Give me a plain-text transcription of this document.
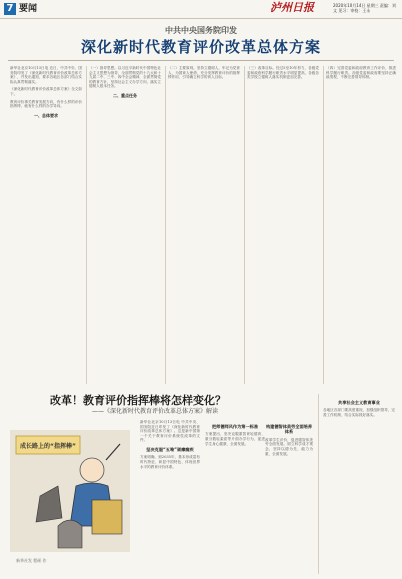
7 要闻	泸州日报	2020年10月14日 星期三 责编：刘文 见习：审校：王永
中共中央国务院印发
深化新时代教育评价改革总体方案

新华社北京10月13日电 近日，中共中央、国务院印发了《深化新时代教育评价改革总体方案》，并发出通知，要求各地区各部门结合实际认真贯彻落实。

《深化新时代教育评价改革总体方案》全文如下。

教育评价事关教育发展方向，有什么样的评价指挥棒，就有什么样的办学导向。

一、总体要求

（一）指导思想。以习近平新时代中国特色社会主义思想为指导，全面贯彻党的十九大和十九届二中、三中、四中全会精神，全面贯彻党的教育方针，坚持社会主义办学方向，落实立德树人根本任务。

二、重点任务

（二）主要原则。坚持立德树人，牢记为党育人、为国育人使命，充分发挥教育评价的指挥棒作用，引导确立科学的育人目标。

（三）改革目标。经过5至10年努力，各级党委和政府科学履行职责水平明显提高，各级各类学校立德树人落实机制更加完善。

（四）完善党委和政府教育工作评价，推进科学履行职责。各级党委和政府要坚持正确政绩观，不断完善领导体制。

改革！教育评价指挥棒将怎样变化？
——《深化新时代教育评价改革总体方案》解读
成长路上的“指挥棒”
新华社发 程硕 作

新华社北京10月13日电 中共中央、国务院近日印发了《深化新时代教育评价改革总体方案》。这是新中国第一个关于教育评价系统性改革的文件。

坚决克服“五唯”顽瘴痼疾

方案明确，到2035年，基本形成富有时代特征、彰显中国特色、体现世界水平的教育评价体系。

把师德师风作为第一标准

方案提出，坚决克服重智育轻德育、重分数轻素质等片面办学行为，促进学生身心健康、全面发展。

构建德智体美劳全面培养体系

改革学生评价，促进德智体美劳全面发展。树立科学成才观念，坚持以德为先、能力为重、全面发展。

共享社会主义教育事业

各地区各部门要高度重视，加强组织领导，完善工作机制，结合实际抓好落实。
